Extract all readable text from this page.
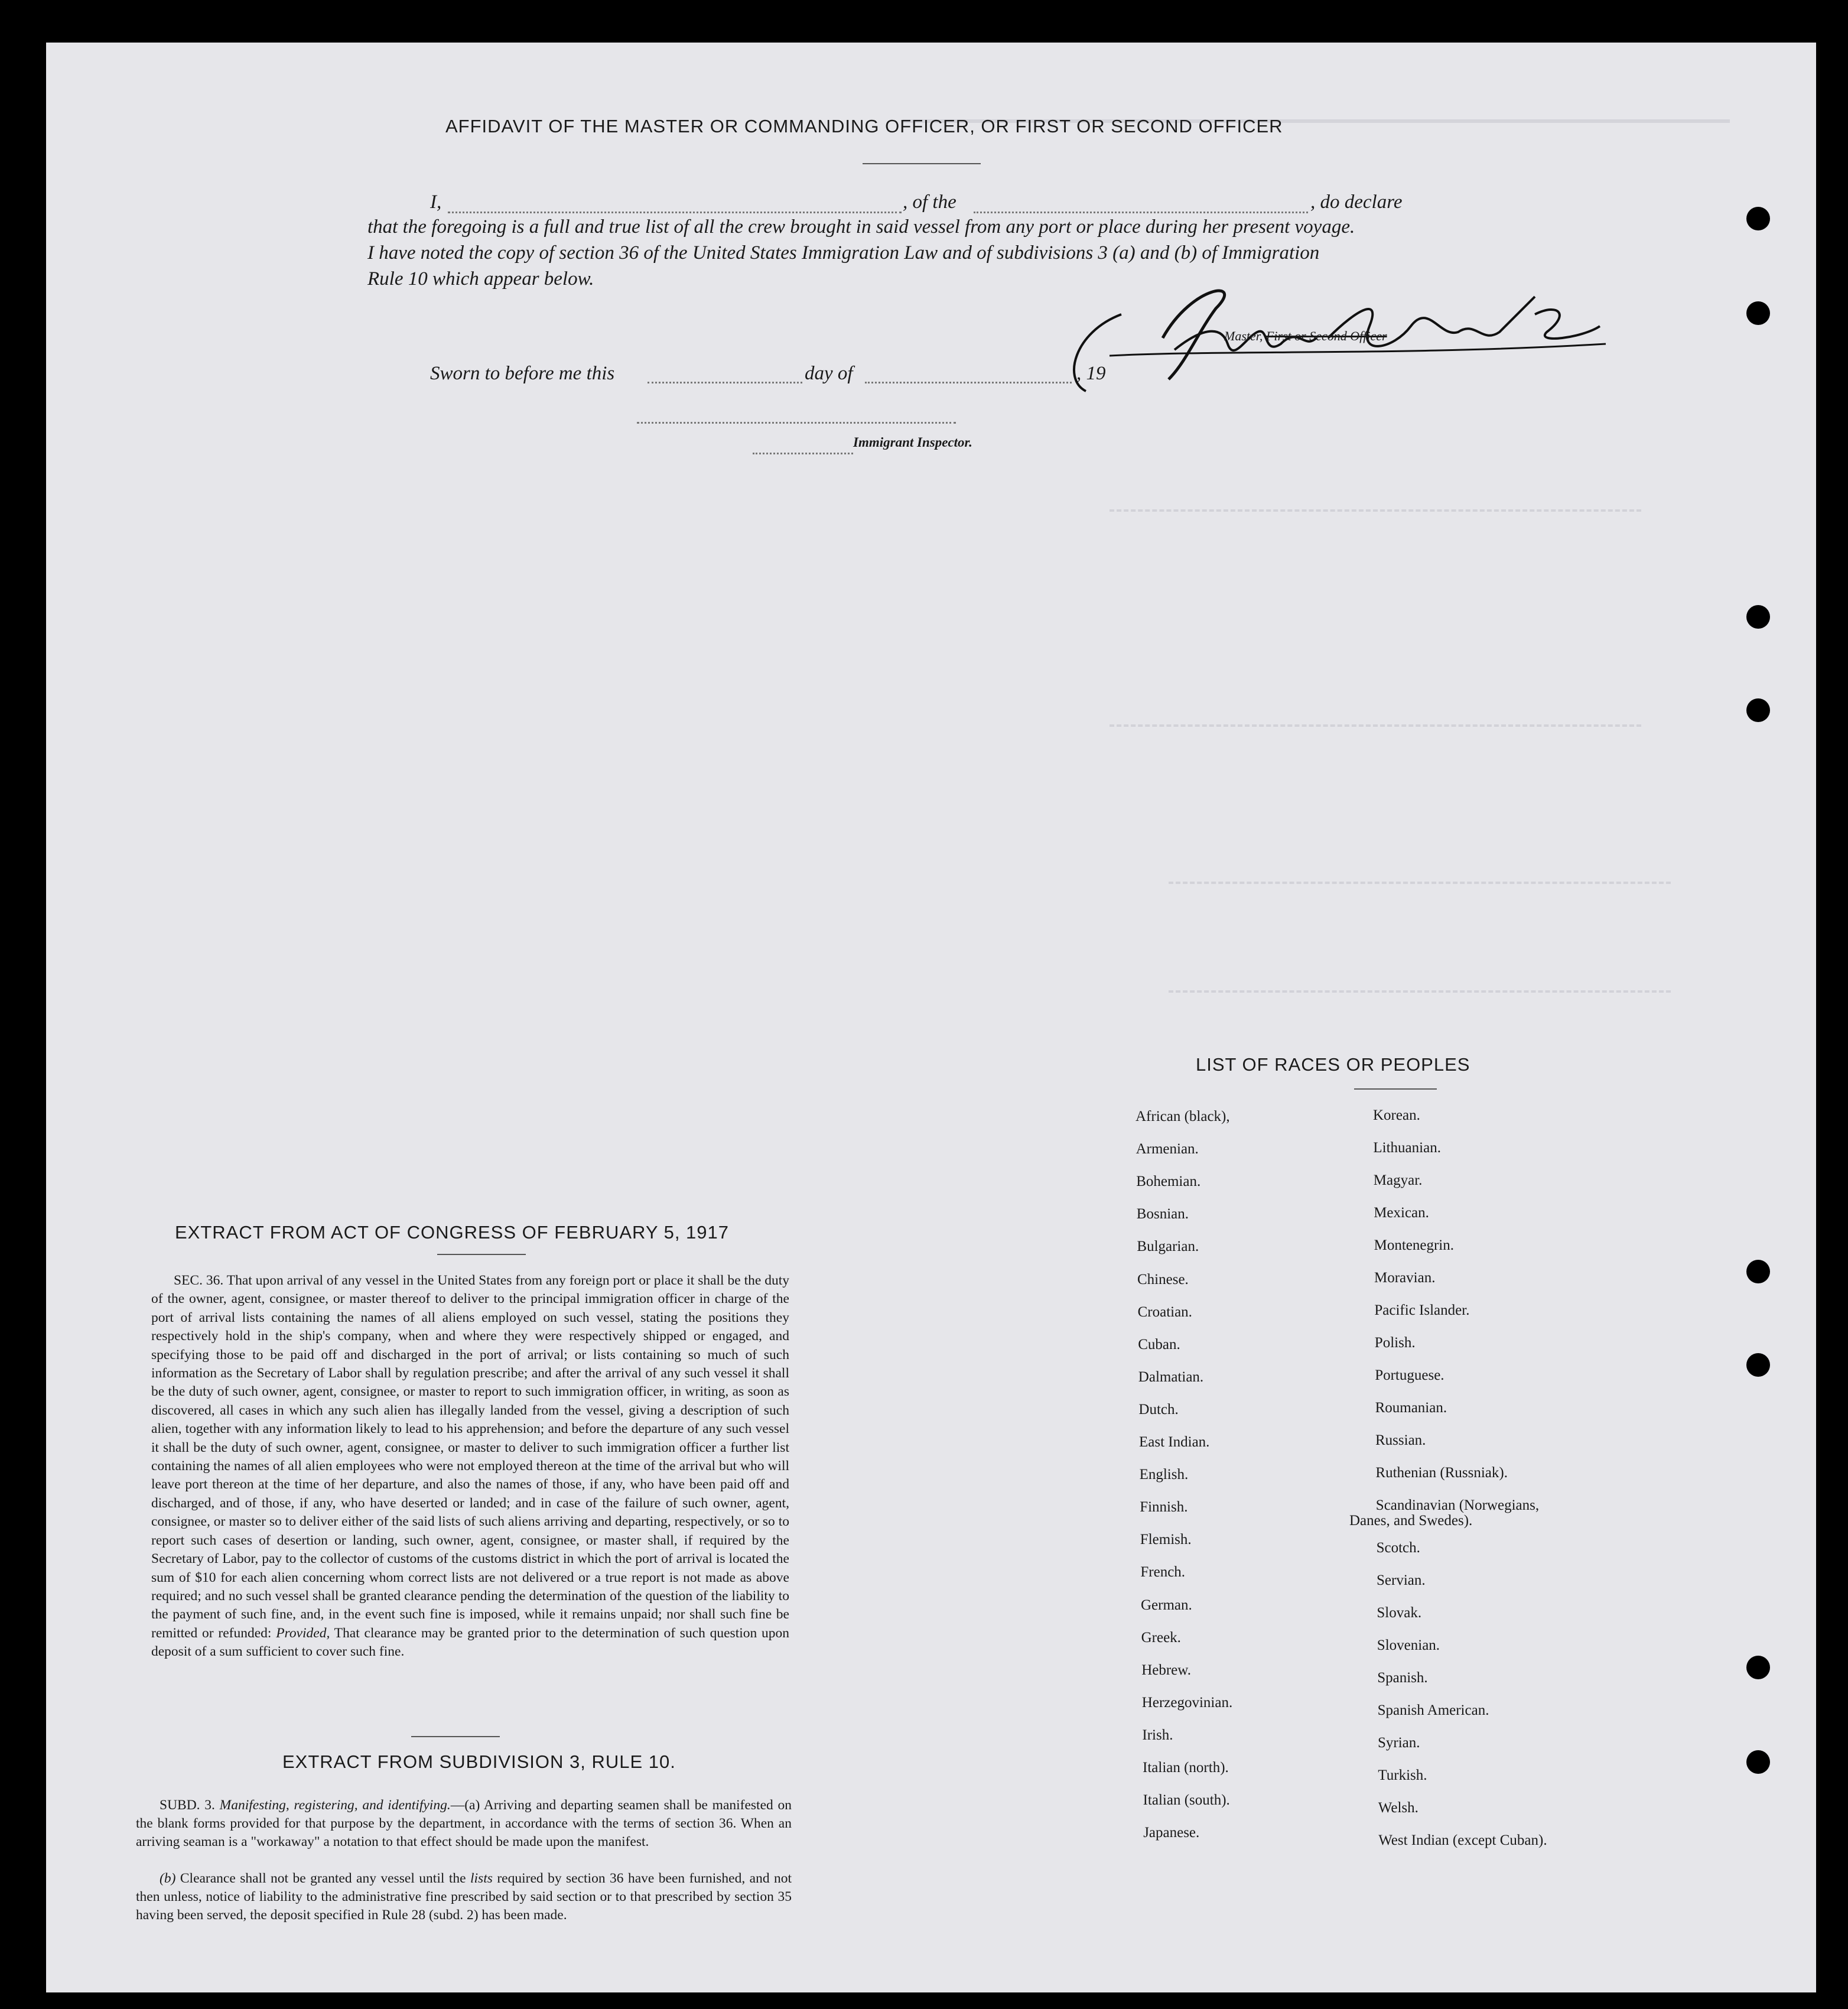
AFFIDAVIT OF THE MASTER OR COMMANDING OFFICER, OR FIRST OR SECOND OFFICER
I,	, of the	, do declare
that the foregoing is a full and true list of all the crew brought in said vessel from any port or place during her present voyage.
I have noted the copy of section 36 of the United States Immigration Law and of subdivisions 3 (a) and (b) of Immigration
Rule 10 which appear below.
Master, First or Second Officer
Sworn to before me this	day of	, 19
Immigrant Inspector.
EXTRACT FROM ACT OF CONGRESS OF FEBRUARY 5, 1917
SEC. 36. That upon arrival of any vessel in the United States from any foreign port or place it shall be the duty of the owner, agent, consignee, or master thereof to deliver to the principal immigration officer in charge of the port of arrival lists containing the names of all aliens employed on such vessel, stating the positions they respectively hold in the ship's company, when and where they were respectively shipped or engaged, and specifying those to be paid off and discharged in the port of arrival; or lists containing so much of such information as the Secretary of Labor shall by regulation prescribe; and after the arrival of any such vessel it shall be the duty of such owner, agent, consignee, or master to report to such immigration officer, in writing, as soon as discovered, all cases in which any such alien has illegally landed from the vessel, giving a description of such alien, together with any information likely to lead to his apprehension; and before the departure of any such vessel it shall be the duty of such owner, agent, consignee, or master to deliver to such immigration officer a further list containing the names of all alien employees who were not employed thereon at the time of the arrival but who will leave port thereon at the time of her departure, and also the names of those, if any, who have been paid off and discharged, and of those, if any, who have deserted or landed; and in case of the failure of such owner, agent, consignee, or master so to deliver either of the said lists of such aliens arriving and departing, respectively, or so to report such cases of desertion or landing, such owner, agent, consignee, or master shall, if required by the Secretary of Labor, pay to the collector of customs of the customs district in which the port of arrival is located the sum of $10 for each alien concerning whom correct lists are not delivered or a true report is not made as above required; and no such vessel shall be granted clearance pending the determination of the question of the liability to the payment of such fine, and, in the event such fine is imposed, while it remains unpaid; nor shall such fine be remitted or refunded: Provided, That clearance may be granted prior to the determination of such question upon deposit of a sum sufficient to cover such fine.
EXTRACT FROM SUBDIVISION 3, RULE 10.
SUBD. 3. Manifesting, registering, and identifying.—(a) Arriving and departing seamen shall be manifested on the blank forms provided for that purpose by the department, in accordance with the terms of section 36. When an arriving seaman is a "workaway" a notation to that effect should be made upon the manifest.
(b) Clearance shall not be granted any vessel until the lists required by section 36 have been furnished, and not then unless, notice of liability to the administrative fine prescribed by said section or to that prescribed by section 35 having been served, the deposit specified in Rule 28 (subd. 2) has been made.
LIST OF RACES OR PEOPLES
African (black),
Armenian.
Bohemian.
Bosnian.
Bulgarian.
Chinese.
Croatian.
Cuban.
Dalmatian.
Dutch.
East Indian.
English.
Finnish.
Flemish.
French.
German.
Greek.
Hebrew.
Herzegovinian.
Irish.
Italian (north).
Italian (south).
Japanese.
Korean.
Lithuanian.
Magyar.
Mexican.
Montenegrin.
Moravian.
Pacific Islander.
Polish.
Portuguese.
Roumanian.
Russian.
Ruthenian (Russniak).
Scandinavian (Norwegians,
Danes, and Swedes).
Scotch.
Servian.
Slovak.
Slovenian.
Spanish.
Spanish American.
Syrian.
Turkish.
Welsh.
West Indian (except Cuban).
